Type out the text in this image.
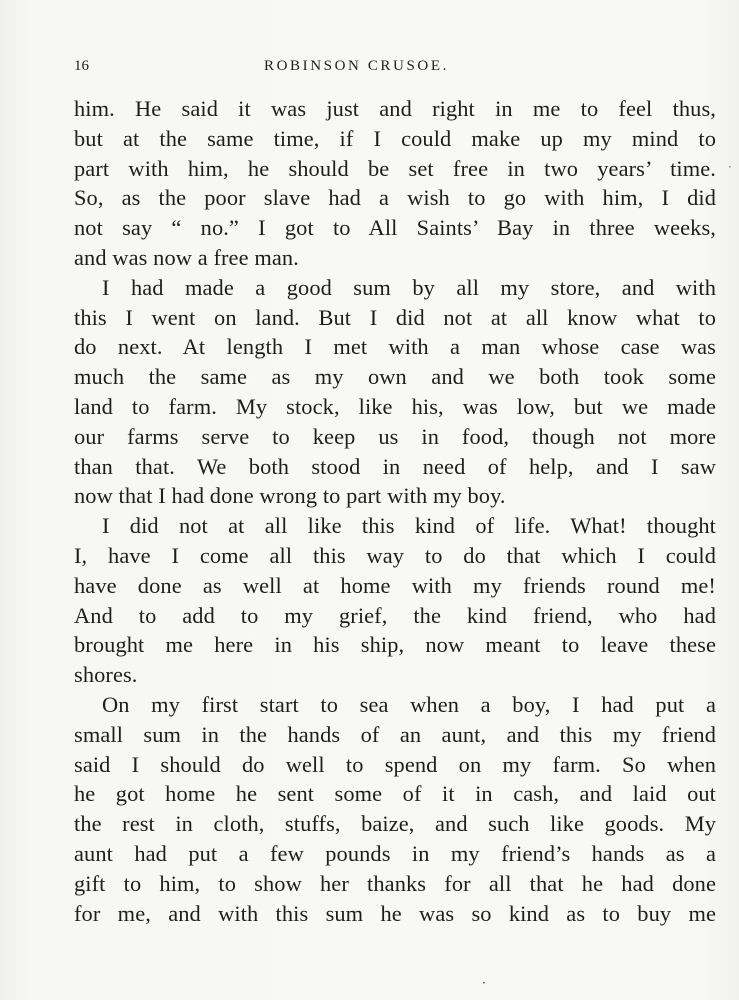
16	ROBINSON CRUSOE.
him. He said it was just and right in me to feel thus,
but at the same time, if I could make up my mind to
part with him, he should be set free in two years’ time.
So, as the poor slave had a wish to go with him, I did
not say “ no.” I got to All Saints’ Bay in three weeks,
and was now a free man.
I had made a good sum by all my store, and with
this I went on land. But I did not at all know what to
do next. At length I met with a man whose case was
much the same as my own and we both took some
land to farm. My stock, like his, was low, but we made
our farms serve to keep us in food, though not more
than that. We both stood in need of help, and I saw
now that I had done wrong to part with my boy.
I did not at all like this kind of life. What! thought
I, have I come all this way to do that which I could
have done as well at home with my friends round me!
And to add to my grief, the kind friend, who had
brought me here in his ship, now meant to leave these
shores.
On my first start to sea when a boy, I had put a
small sum in the hands of an aunt, and this my friend
said I should do well to spend on my farm. So when
he got home he sent some of it in cash, and laid out
the rest in cloth, stuffs, baize, and such like goods. My
aunt had put a few pounds in my friend’s hands as a
gift to him, to show her thanks for all that he had done
for me, and with this sum he was so kind as to buy me
·
·
